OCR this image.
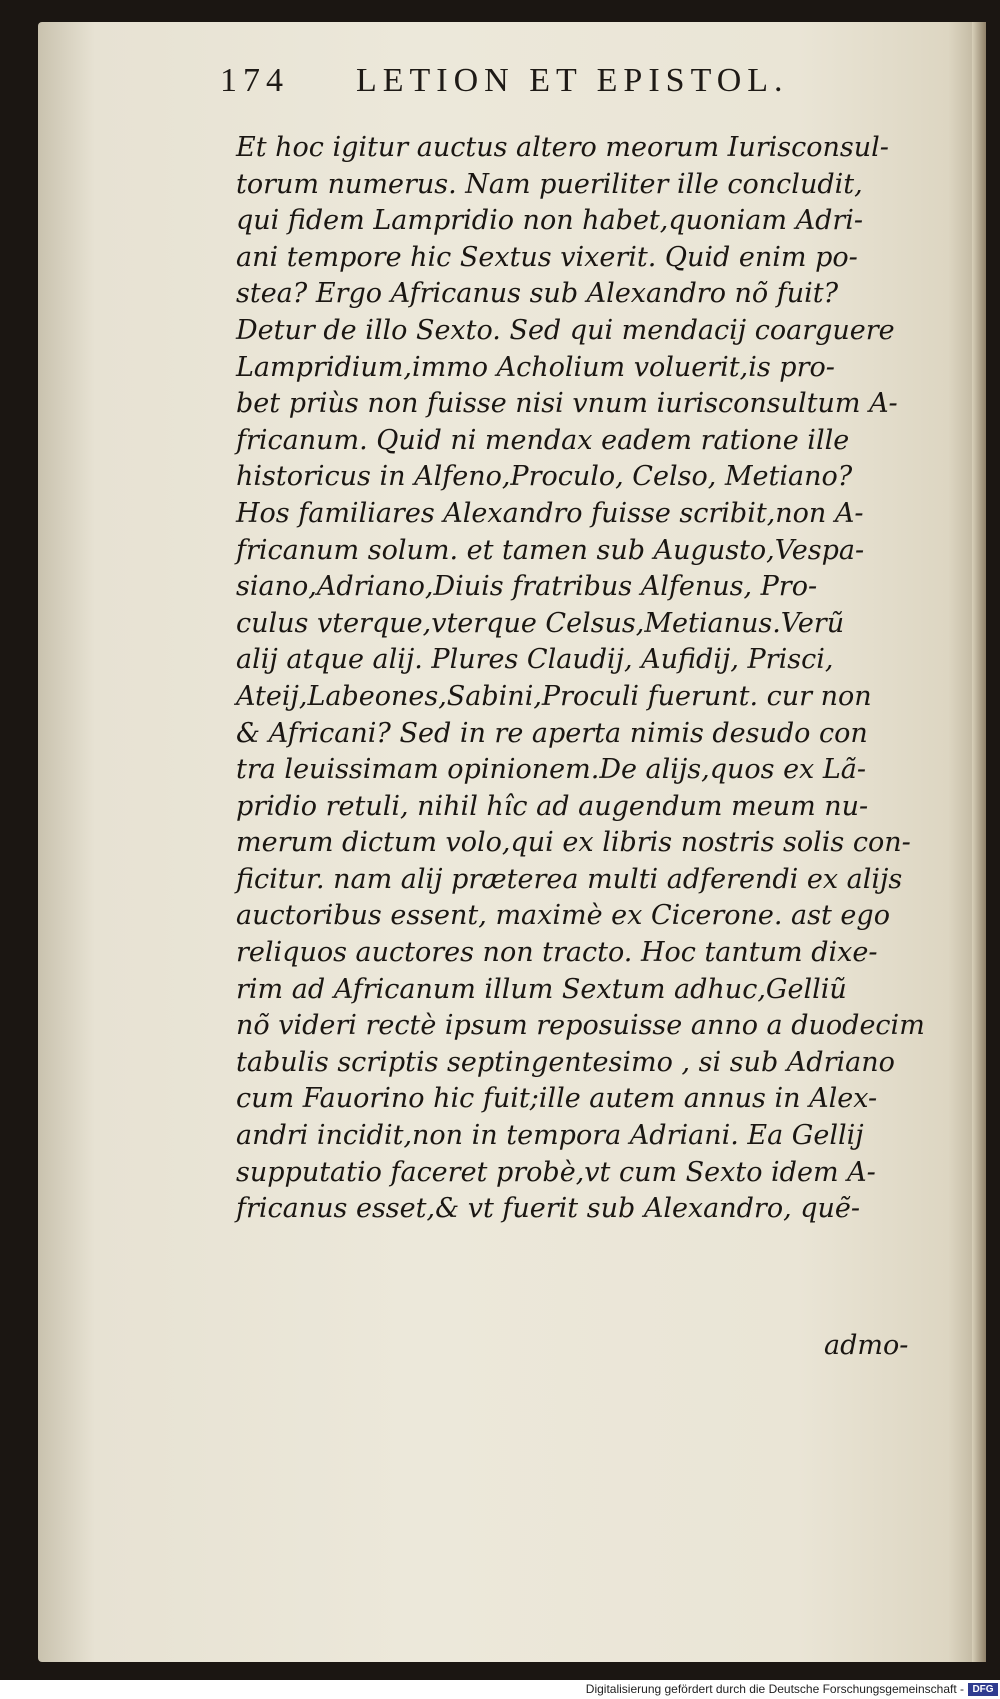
174 LETION ET EPISTOL.
Et hoc igitur auctus altero meorum Iurisconsul-
torum numerus. Nam pueriliter ille concludit,
qui fidem Lampridio non habet,quoniam Adri-
ani tempore hic Sextus vixerit. Quid enim po-
stea? Ergo Africanus sub Alexandro nõ fuit?
Detur de illo Sexto. Sed qui mendacij coarguere
Lampridium,immo Acholium voluerit,is pro-
bet priùs non fuisse nisi vnum iurisconsultum A-
fricanum. Quid ni mendax eadem ratione ille
historicus in Alfeno,Proculo, Celso, Metiano?
Hos familiares Alexandro fuisse scribit,non A-
fricanum solum. et tamen sub Augusto,Vespa-
siano,Adriano,Diuis fratribus Alfenus, Pro-
culus vterque,vterque Celsus,Metianus.Verũ
alij atque alij. Plures Claudij, Aufidij, Prisci,
Ateij,Labeones,Sabini,Proculi fuerunt. cur non
& Africani? Sed in re aperta nimis desudo con
tra leuissimam opinionem.De alijs,quos ex Lã-
pridio retuli, nihil hîc ad augendum meum nu-
merum dictum volo,qui ex libris nostris solis con-
ficitur. nam alij præterea multi adferendi ex alijs
auctoribus essent, maximè ex Cicerone. ast ego
reliquos auctores non tracto. Hoc tantum dixe-
rim ad Africanum illum Sextum adhuc,Gelliũ
nõ videri rectè ipsum reposuisse anno a duodecim
tabulis scriptis septingentesimo , si sub Adriano
cum Fauorino hic fuit;ille autem annus in Alex-
andri incidit,non in tempora Adriani. Ea Gellij
supputatio faceret probè,vt cum Sexto idem A-
fricanus esset,& vt fuerit sub Alexandro, quẽ-
admo-
Digitalisierung gefördert durch die Deutsche Forschungsgemeinschaft - DFG
